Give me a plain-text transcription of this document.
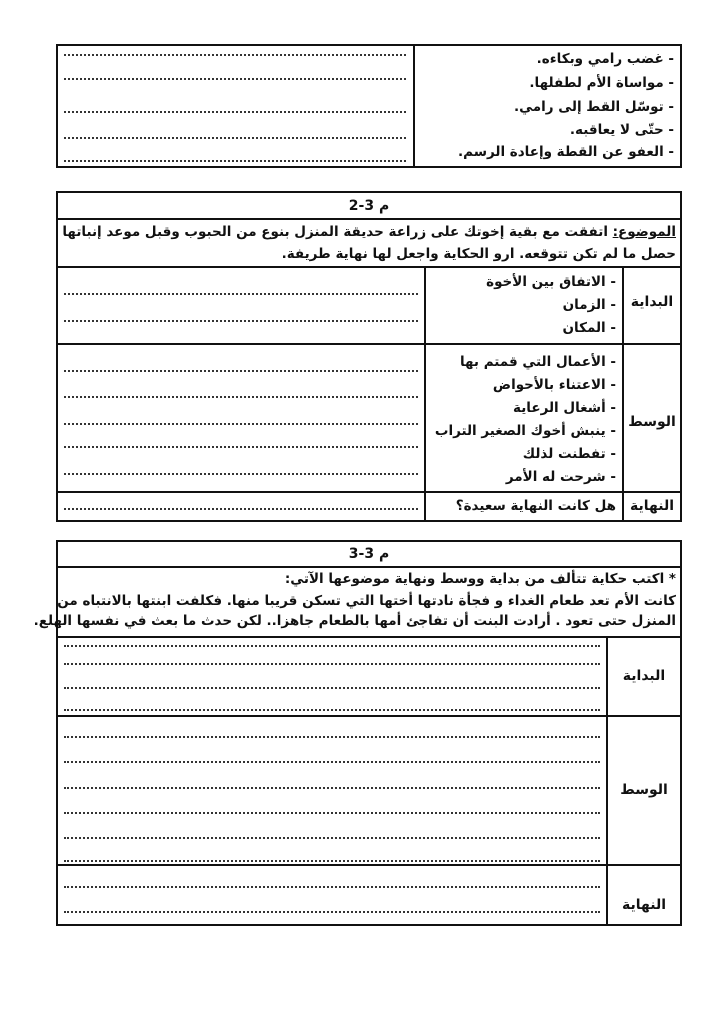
- غضب رامي وبكاءه.
- مواساة الأم لطفلها.
- توسّل القط إلى رامي.
- حتّى لا يعاقبه.
- العفو عن القطة وإعادة الرسم.
م 3-2
الموضوع: اتفقت مع بقية إخوتك على زراعة حديقة المنزل بنوع من الحبوب وقبل موعد إنباتها
حصل ما لم تكن تتوقعه. ارو الحكاية واجعل لها نهاية طريفة.
البداية
- الاتفاق بين الأخوة
- الزمان
- المكان
الوسط
- الأعمال التي قمتم بها
- الاعتناء بالأحواض
- أشغال الرعاية
- ينبش أخوك الصغير التراب
- تفطنت لذلك
- شرحت له الأمر
النهاية
هل كانت النهاية سعيدة؟
م 3-3
* اكتب حكاية تتألف من بداية ووسط ونهاية موضوعها الآتي:
كانت الأم تعد طعام الغداء و فجأة نادتها أختها التي تسكن قريبا منها. فكلفت ابنتها بالانتباه من
المنزل حتى تعود . أرادت البنت أن تفاجئ أمها بالطعام جاهزا.. لكن حدث ما بعث في نفسها الهلع.
البداية
الوسط
النهاية
